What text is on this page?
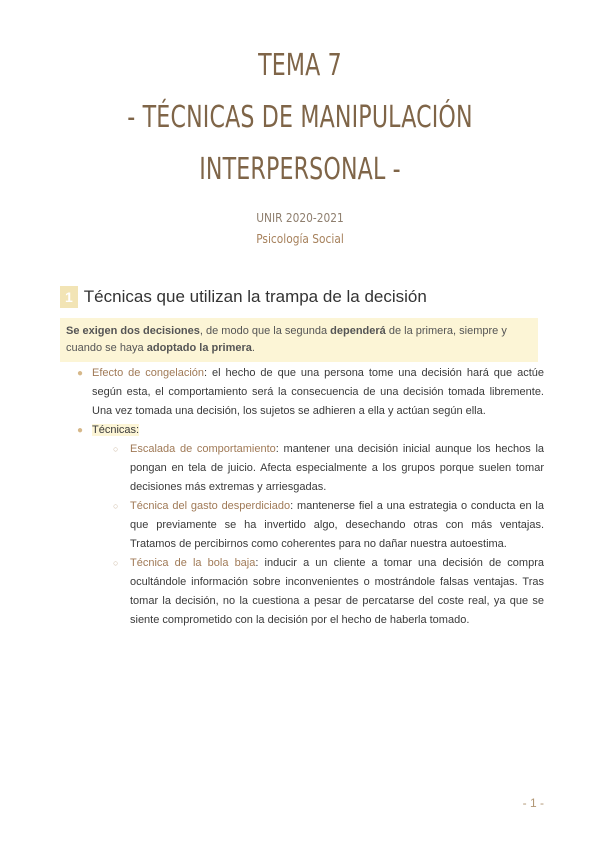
TEMA 7
- TÉCNICAS DE MANIPULACIÓN
INTERPERSONAL -
UNIR 2020-2021
Psicología Social
1 Técnicas que utilizan la trampa de la decisión
Se exigen dos decisiones, de modo que la segunda dependerá de la primera, siempre y cuando se haya adoptado la primera.
● Efecto de congelación: el hecho de que una persona tome una decisión hará que actúe según esta, el comportamiento será la consecuencia de una decisión tomada libremente. Una vez tomada una decisión, los sujetos se adhieren a ella y actúan según ella.
● Técnicas:
○ Escalada de comportamiento: mantener una decisión inicial aunque los hechos la pongan en tela de juicio. Afecta especialmente a los grupos porque suelen tomar decisiones más extremas y arriesgadas.
○ Técnica del gasto desperdiciado: mantenerse fiel a una estrategia o conducta en la que previamente se ha invertido algo, desechando otras con más ventajas. Tratamos de percibirnos como coherentes para no dañar nuestra autoestima.
○ Técnica de la bola baja: inducir a un cliente a tomar una decisión de compra ocultándole información sobre inconvenientes o mostrándole falsas ventajas. Tras tomar la decisión, no la cuestiona a pesar de percatarse del coste real, ya que se siente comprometido con la decisión por el hecho de haberla tomado.
- 1 -
